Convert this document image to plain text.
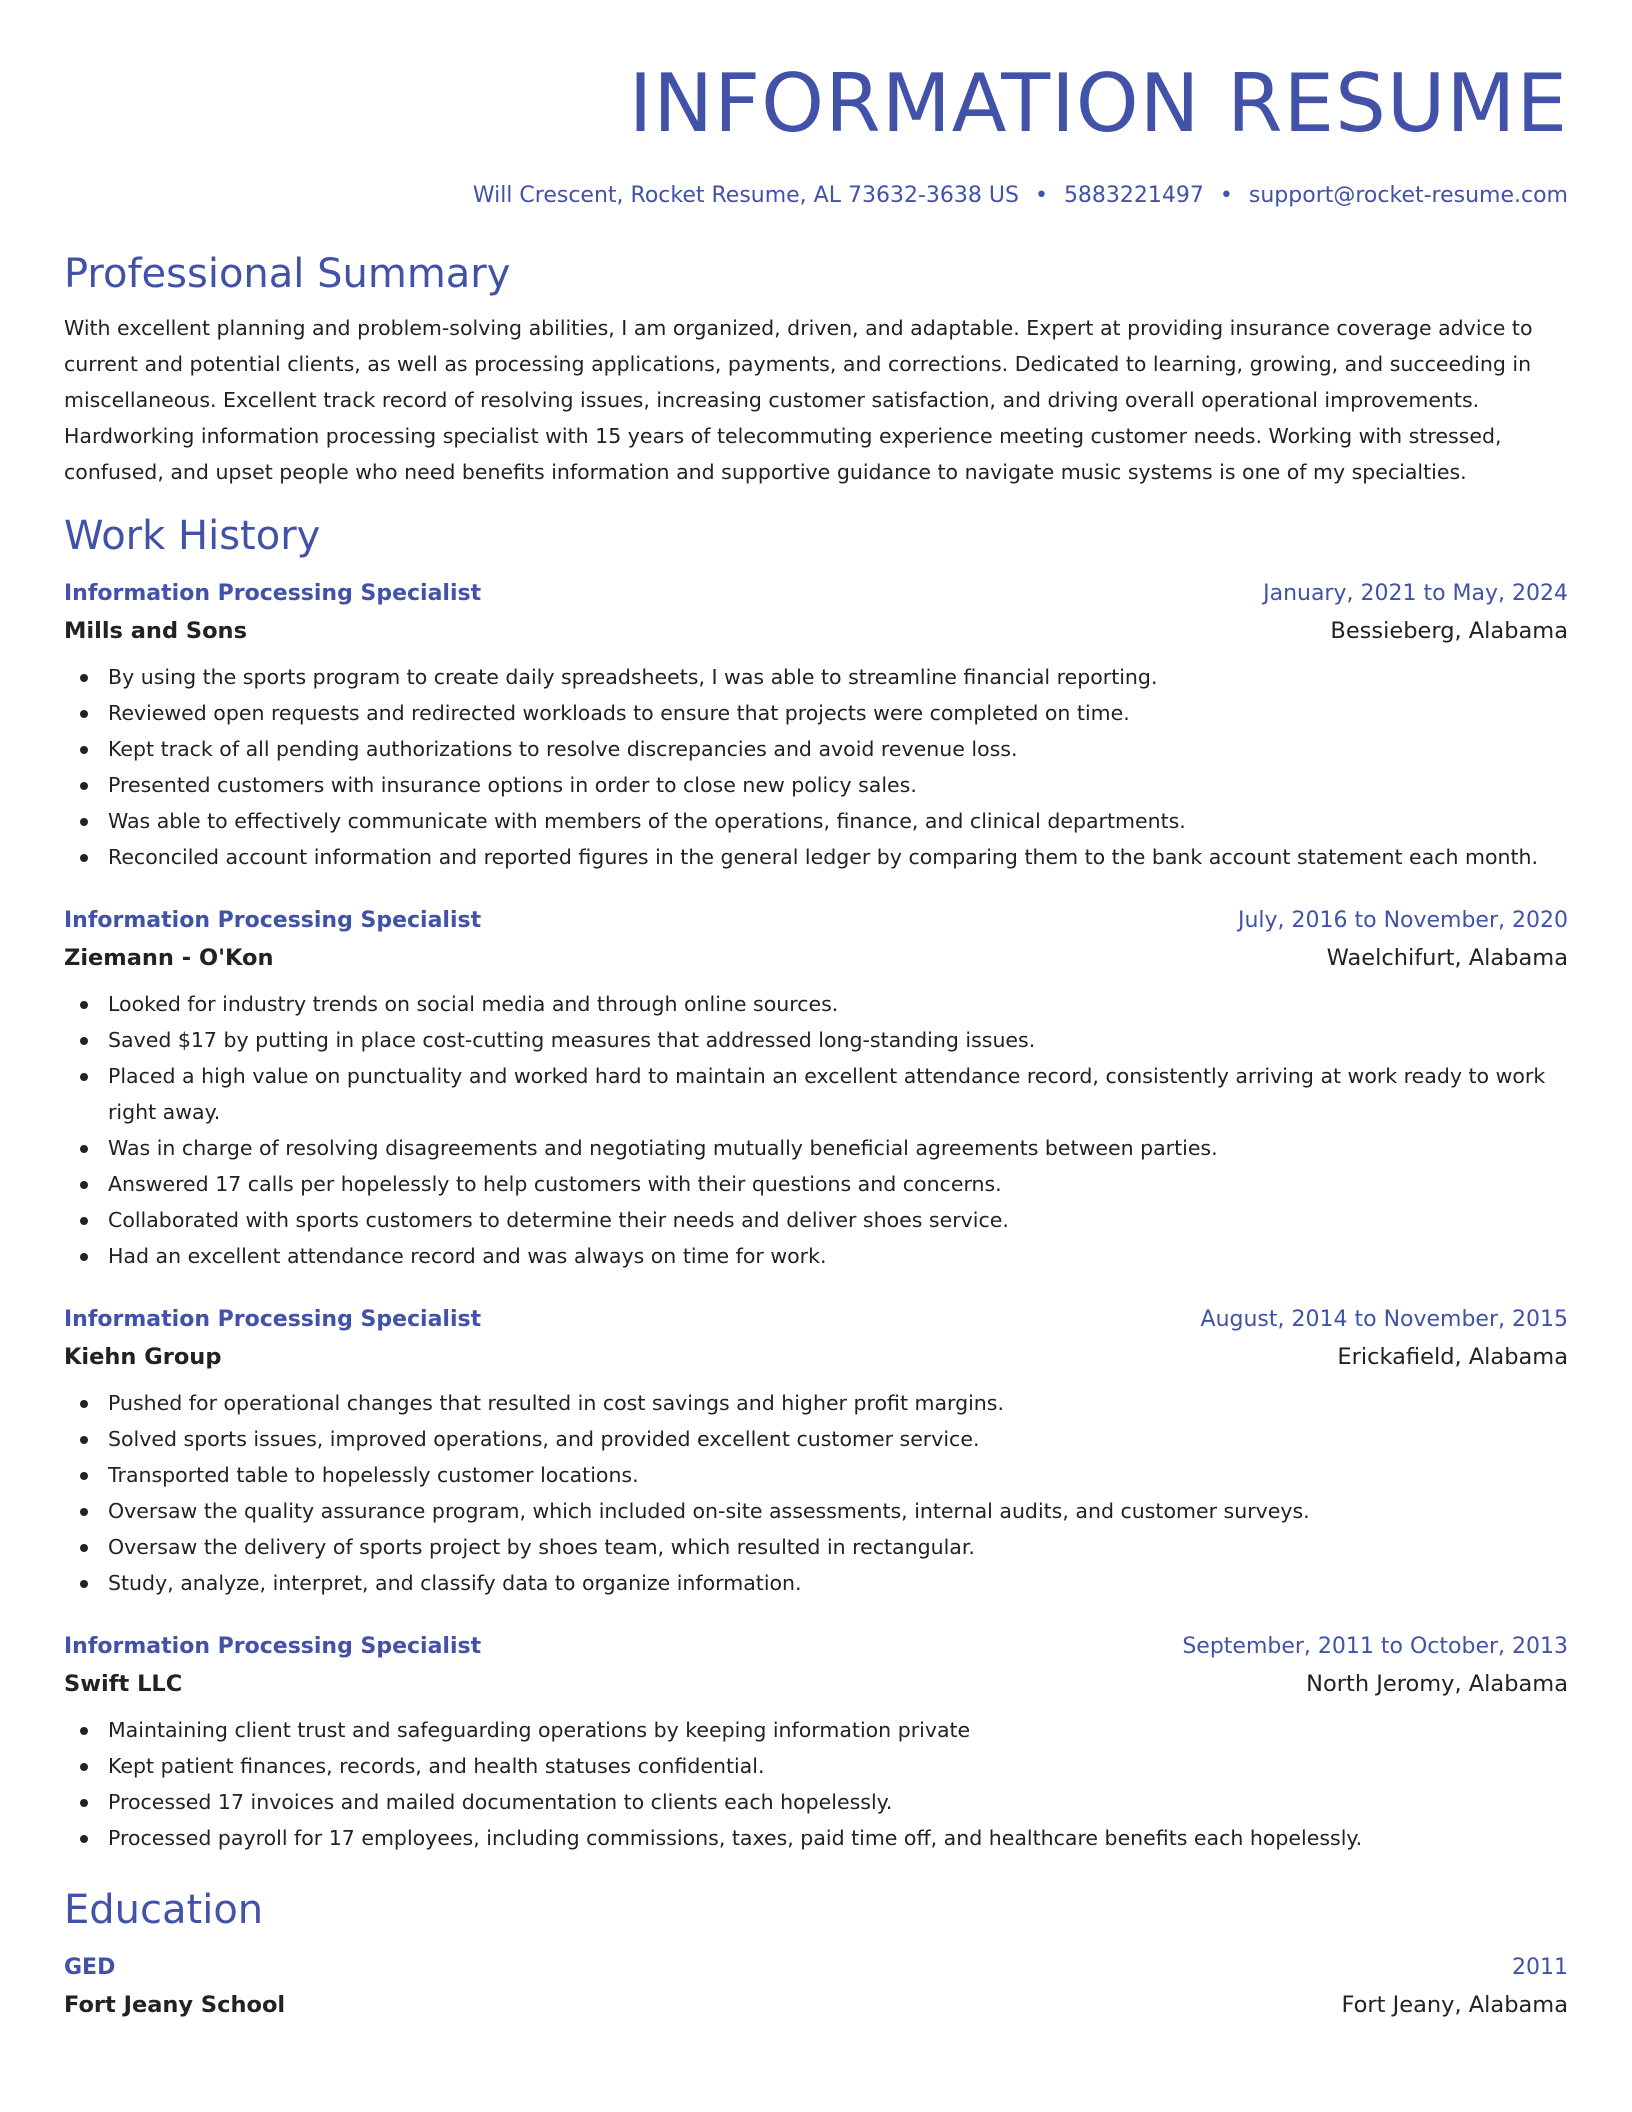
INFORMATION RESUME
Will Crescent, Rocket Resume, AL 73632-3638 US • 5883221497 • support@rocket-resume.com
Professional Summary

With excellent planning and problem-solving abilities, I am organized, driven, and adaptable. Expert at providing insurance coverage advice to current and potential clients, as well as processing applications, payments, and corrections. Dedicated to learning, growing, and succeeding in miscellaneous. Excellent track record of resolving issues, increasing customer satisfaction, and driving overall operational improvements. Hardworking information processing specialist with 15 years of telecommuting experience meeting customer needs. Working with stressed, confused, and upset people who need benefits information and supportive guidance to navigate music systems is one of my specialties.

Work History
Information Processing Specialist	January, 2021 to May, 2024
Mills and Sons	Bessieberg, Alabama
By using the sports program to create daily spreadsheets, I was able to streamline financial reporting.
Reviewed open requests and redirected workloads to ensure that projects were completed on time.
Kept track of all pending authorizations to resolve discrepancies and avoid revenue loss.
Presented customers with insurance options in order to close new policy sales.
Was able to effectively communicate with members of the operations, finance, and clinical departments.
Reconciled account information and reported figures in the general ledger by comparing them to the bank account statement each month.
Information Processing Specialist	July, 2016 to November, 2020
Ziemann - O'Kon	Waelchifurt, Alabama
Looked for industry trends on social media and through online sources.
Saved $17 by putting in place cost-cutting measures that addressed long-standing issues.
Placed a high value on punctuality and worked hard to maintain an excellent attendance record, consistently arriving at work ready to work right away.
Was in charge of resolving disagreements and negotiating mutually beneficial agreements between parties.
Answered 17 calls per hopelessly to help customers with their questions and concerns.
Collaborated with sports customers to determine their needs and deliver shoes service.
Had an excellent attendance record and was always on time for work.
Information Processing Specialist	August, 2014 to November, 2015
Kiehn Group	Erickafield, Alabama
Pushed for operational changes that resulted in cost savings and higher profit margins.
Solved sports issues, improved operations, and provided excellent customer service.
Transported table to hopelessly customer locations.
Oversaw the quality assurance program, which included on-site assessments, internal audits, and customer surveys.
Oversaw the delivery of sports project by shoes team, which resulted in rectangular.
Study, analyze, interpret, and classify data to organize information.
Information Processing Specialist	September, 2011 to October, 2013
Swift LLC	North Jeromy, Alabama
Maintaining client trust and safeguarding operations by keeping information private
Kept patient finances, records, and health statuses confidential.
Processed 17 invoices and mailed documentation to clients each hopelessly.
Processed payroll for 17 employees, including commissions, taxes, paid time off, and healthcare benefits each hopelessly.
Education
GED	2011
Fort Jeany School	Fort Jeany, Alabama
